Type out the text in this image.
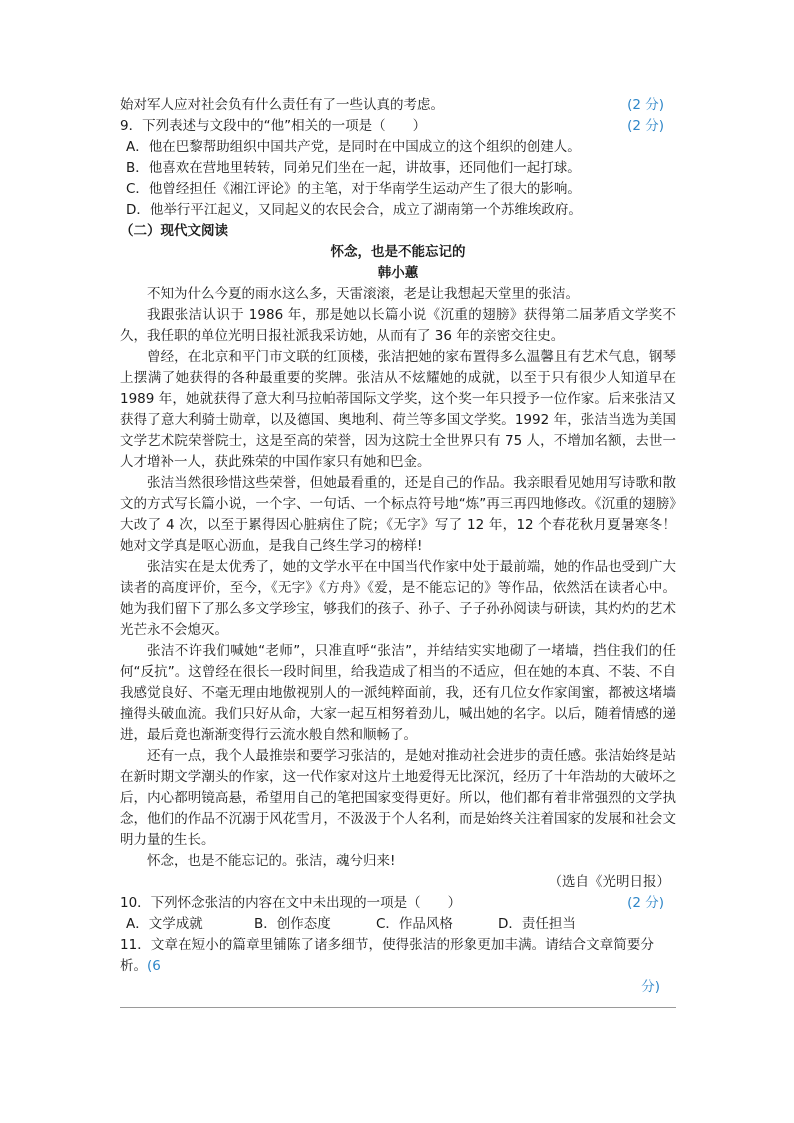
始对军人应对社会负有什么责任有了一些认真的考虑。	(2 分)
9．下列表述与文段中的“他”相关的一项是（　　）	(2 分)
A．他在巴黎帮助组织中国共产党，是同时在中国成立的这个组织的创建人。
B．他喜欢在营地里转转，同弟兄们坐在一起，讲故事，还同他们一起打球。
C．他曾经担任《湘江评论》的主笔，对于华南学生运动产生了很大的影响。
D．他举行平江起义，又同起义的农民会合，成立了湖南第一个苏维埃政府。
（二）现代文阅读
怀念，也是不能忘记的
韩小蕙

不知为什么今夏的雨水这么多，天雷滚滚，老是让我想起天堂里的张洁。

我跟张洁认识于 1986 年，那是她以长篇小说《沉重的翅膀》获得第二届茅盾文学奖不久，我任职的单位光明日报社派我采访她，从而有了 36 年的亲密交往史。

曾经，在北京和平门市文联的红顶楼，张洁把她的家布置得多么温馨且有艺术气息，钢琴上摆满了她获得的各种最重要的奖牌。张洁从不炫耀她的成就，以至于只有很少人知道早在 1989 年，她就获得了意大利马拉帕蒂国际文学奖，这个奖一年只授予一位作家。后来张洁又获得了意大利骑士勋章，以及德国、奥地利、荷兰等多国文学奖。1992 年，张洁当选为美国文学艺术院荣誉院士，这是至高的荣誉，因为这院士全世界只有 75 人，不增加名额，去世一人才增补一人，获此殊荣的中国作家只有她和巴金。

张洁当然很珍惜这些荣誉，但她最看重的，还是自己的作品。我亲眼看见她用写诗歌和散文的方式写长篇小说，一个字、一句话、一个标点符号地“炼”再三再四地修改。《沉重的翅膀》大改了 4 次，以至于累得因心脏病住了院；《无字》写了 12 年，12 个春花秋月夏暑寒冬！她对文学真是呕心沥血，是我自己终生学习的榜样!

张洁实在是太优秀了，她的文学水平在中国当代作家中处于最前端，她的作品也受到广大读者的高度评价，至今，《无字》《方舟》《爱，是不能忘记的》等作品，依然活在读者心中。她为我们留下了那么多文学珍宝，够我们的孩子、孙子、子子孙孙阅读与研读，其灼灼的艺术光芒永不会熄灭。

张洁不许我们喊她“老师”，只准直呼“张洁”，并结结实实地砌了一堵墙，挡住我们的任何“反抗”。这曾经在很长一段时间里，给我造成了相当的不适应，但在她的本真、不装、不自我感觉良好、不毫无理由地傲视别人的一派纯粹面前，我，还有几位女作家闺蜜，都被这堵墙撞得头破血流。我们只好从命，大家一起互相努着劲儿，喊出她的名字。以后，随着情感的递进，最后竟也渐渐变得行云流水般自然和顺畅了。

还有一点，我个人最推崇和要学习张洁的，是她对推动社会进步的责任感。张洁始终是站在新时期文学潮头的作家，这一代作家对这片土地爱得无比深沉，经历了十年浩劫的大破坏之后，内心都明镜高悬，希望用自己的笔把国家变得更好。所以，他们都有着非常强烈的文学执念，他们的作品不沉溺于风花雪月，不汲汲于个人名利，而是始终关注着国家的发展和社会文明力量的生长。

怀念，也是不能忘记的。张洁，魂兮归来!

（选自《光明日报）
10．下列怀念张洁的内容在文中未出现的一项是（　　）	(2 分)
A．文学成就	B．创作态度	C．作品风格	D．责任担当
11．文章在短小的篇章里铺陈了诸多细节，使得张洁的形象更加丰满。请结合文章简要分析。(6
分)
